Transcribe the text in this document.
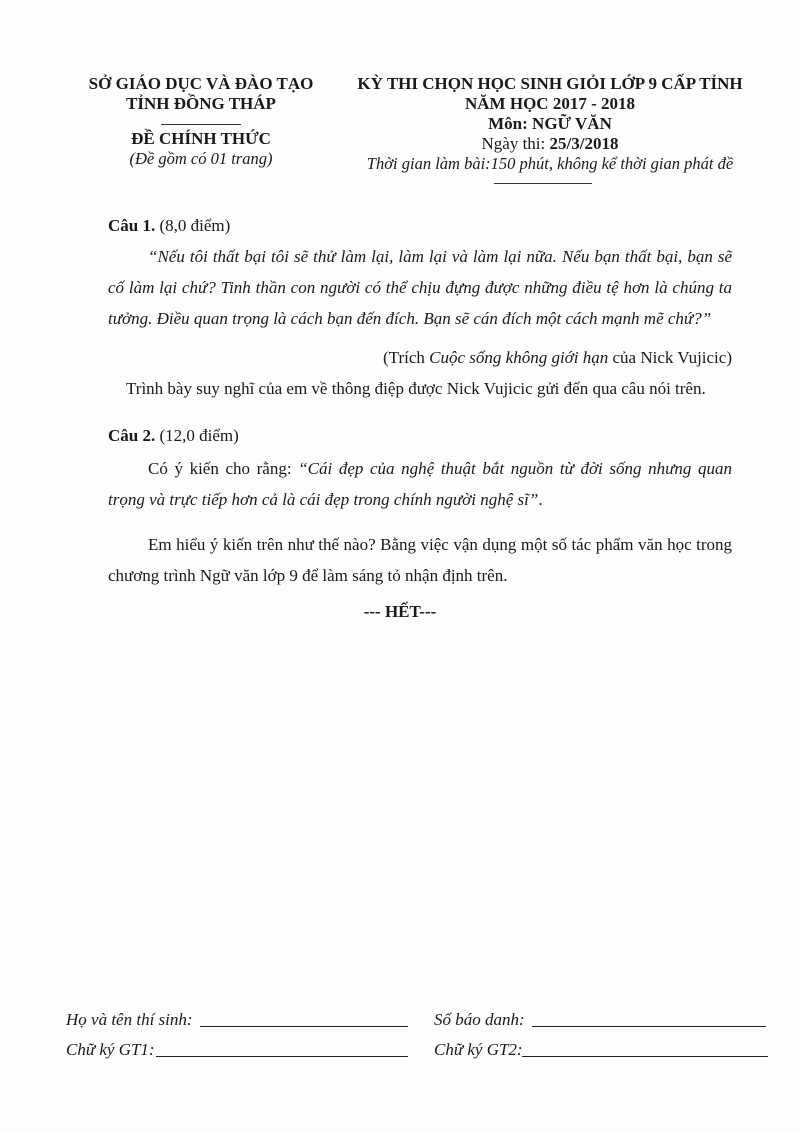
SỞ GIÁO DỤC VÀ ĐÀO TẠO
TỈNH ĐỒNG THÁP
ĐỀ CHÍNH THỨC
(Đề gồm có 01 trang)
KỲ THI CHỌN HỌC SINH GIỎI LỚP 9 CẤP TỈNH
NĂM HỌC 2017 - 2018
Môn: NGỮ VĂN
Ngày thi: 25/3/2018
Thời gian làm bài:150 phút, không kể thời gian phát đề
Câu 1. (8,0 điểm)
“Nếu tôi thất bại tôi sẽ thử làm lại, làm lại và làm lại nữa. Nếu bạn thất bại, bạn sẽ cố làm lại chứ? Tinh thần con người có thể chịu đựng được những điều tệ hơn là chúng ta tưởng. Điều quan trọng là cách bạn đến đích. Bạn sẽ cán đích một cách mạnh mẽ chứ?”
(Trích Cuộc sống không giới hạn của Nick Vujicic)
Trình bày suy nghĩ của em về thông điệp được Nick Vujicic gửi đến qua câu nói trên.
Câu 2. (12,0 điểm)
Có ý kiến cho rằng: “Cái đẹp của nghệ thuật bắt nguồn từ đời sống nhưng quan trọng và trực tiếp hơn cả là cái đẹp trong chính người nghệ sĩ”.
Em hiểu ý kiến trên như thế nào? Bằng việc vận dụng một số tác phẩm văn học trong chương trình Ngữ văn lớp 9 để làm sáng tỏ nhận định trên.
--- HẾT---
Họ và tên thí sinh:	Số báo danh:
Chữ ký GT1:	Chữ ký GT2:
